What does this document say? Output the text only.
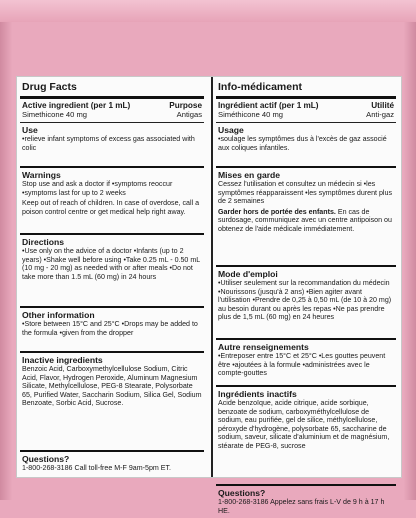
Drug Facts
Active ingredient (per 1 mL)	Purpose
Simethicone 40 mg	Antigas
Use
•relieve infant symptoms of excess gas associated with colic
Warnings
Stop use and ask a doctor if •symptoms reoccur •symptoms last for up to 2 weeks
Keep out of reach of children. In case of overdose, call a poison control centre or get medical help right away.
Directions
•Use only on the advice of a doctor •Infants (up to 2 years) •Shake well before using •Take 0.25 mL - 0.50 mL (10 mg - 20 mg) as needed with or after meals •Do not take more than 1.5 mL (60 mg) in 24 hours
Other information
•Store between 15°C and 25°C •Drops may be added to the formula •given from the dropper
Inactive ingredients
Benzoic Acid, Carboxymethylcellulose Sodium, Citric Acid, Flavor, Hydrogen Peroxide, Aluminum Magnesium Silicate, Methylcellulose, PEG-8 Stearate, Polysorbate 65, Purified Water, Saccharin Sodium, Silica Gel, Sodium Benzoate, Sorbic Acid, Sucrose.
Questions?
1-800-268-3186 Call toll-free M-F 9am-5pm ET.
Info-médicament
Ingrédient actif (per 1 mL)	Utilité
Siméthicone 40 mg	Anti-gaz
Usage
•soulage les symptômes dus à l'excès de gaz associé aux coliques infantiles.
Mises en garde
Cessez l'utilisation et consultez un médecin si •les symptômes réapparaissent •les symptômes durent plus de 2 semaines
Garder hors de portée des enfants. En cas de surdosage, communiquez avec un centre antipoison ou obtenez de l'aide médicale immédiatement.
Mode d'emploi
•Utiliser seulement sur la recommandation du médecin •Nourissons (jusqu'à 2 ans) •Bien agiter avant l'utilisation •Prendre de 0,25 à 0,50 mL (de 10 à 20 mg) au besoin durant ou après les repas •Ne pas prendre plus de 1,5 mL (60 mg) en 24 heures
Autre renseignements
•Entreposer entre 15°C et 25°C •Les gouttes peuvent être •ajoutées à la formule •administrées avec le compte-gouttes
Ingrédients inactifs
Acide benzoïque, acide citrique, acide sorbique, benzoate de sodium, carboxyméthylcellulose de sodium, eau purifiée, gel de silice, méthylcellulose, péroxyde d'hydrogène, polysorbate 65, saccharine de sodium, saveur, silicate d'aluminium et de magnésium, stéarate de PEG-8, sucrose
Questions?
1-800-268-3186 Appelez sans frais L-V de 9 h à 17 h HE.
